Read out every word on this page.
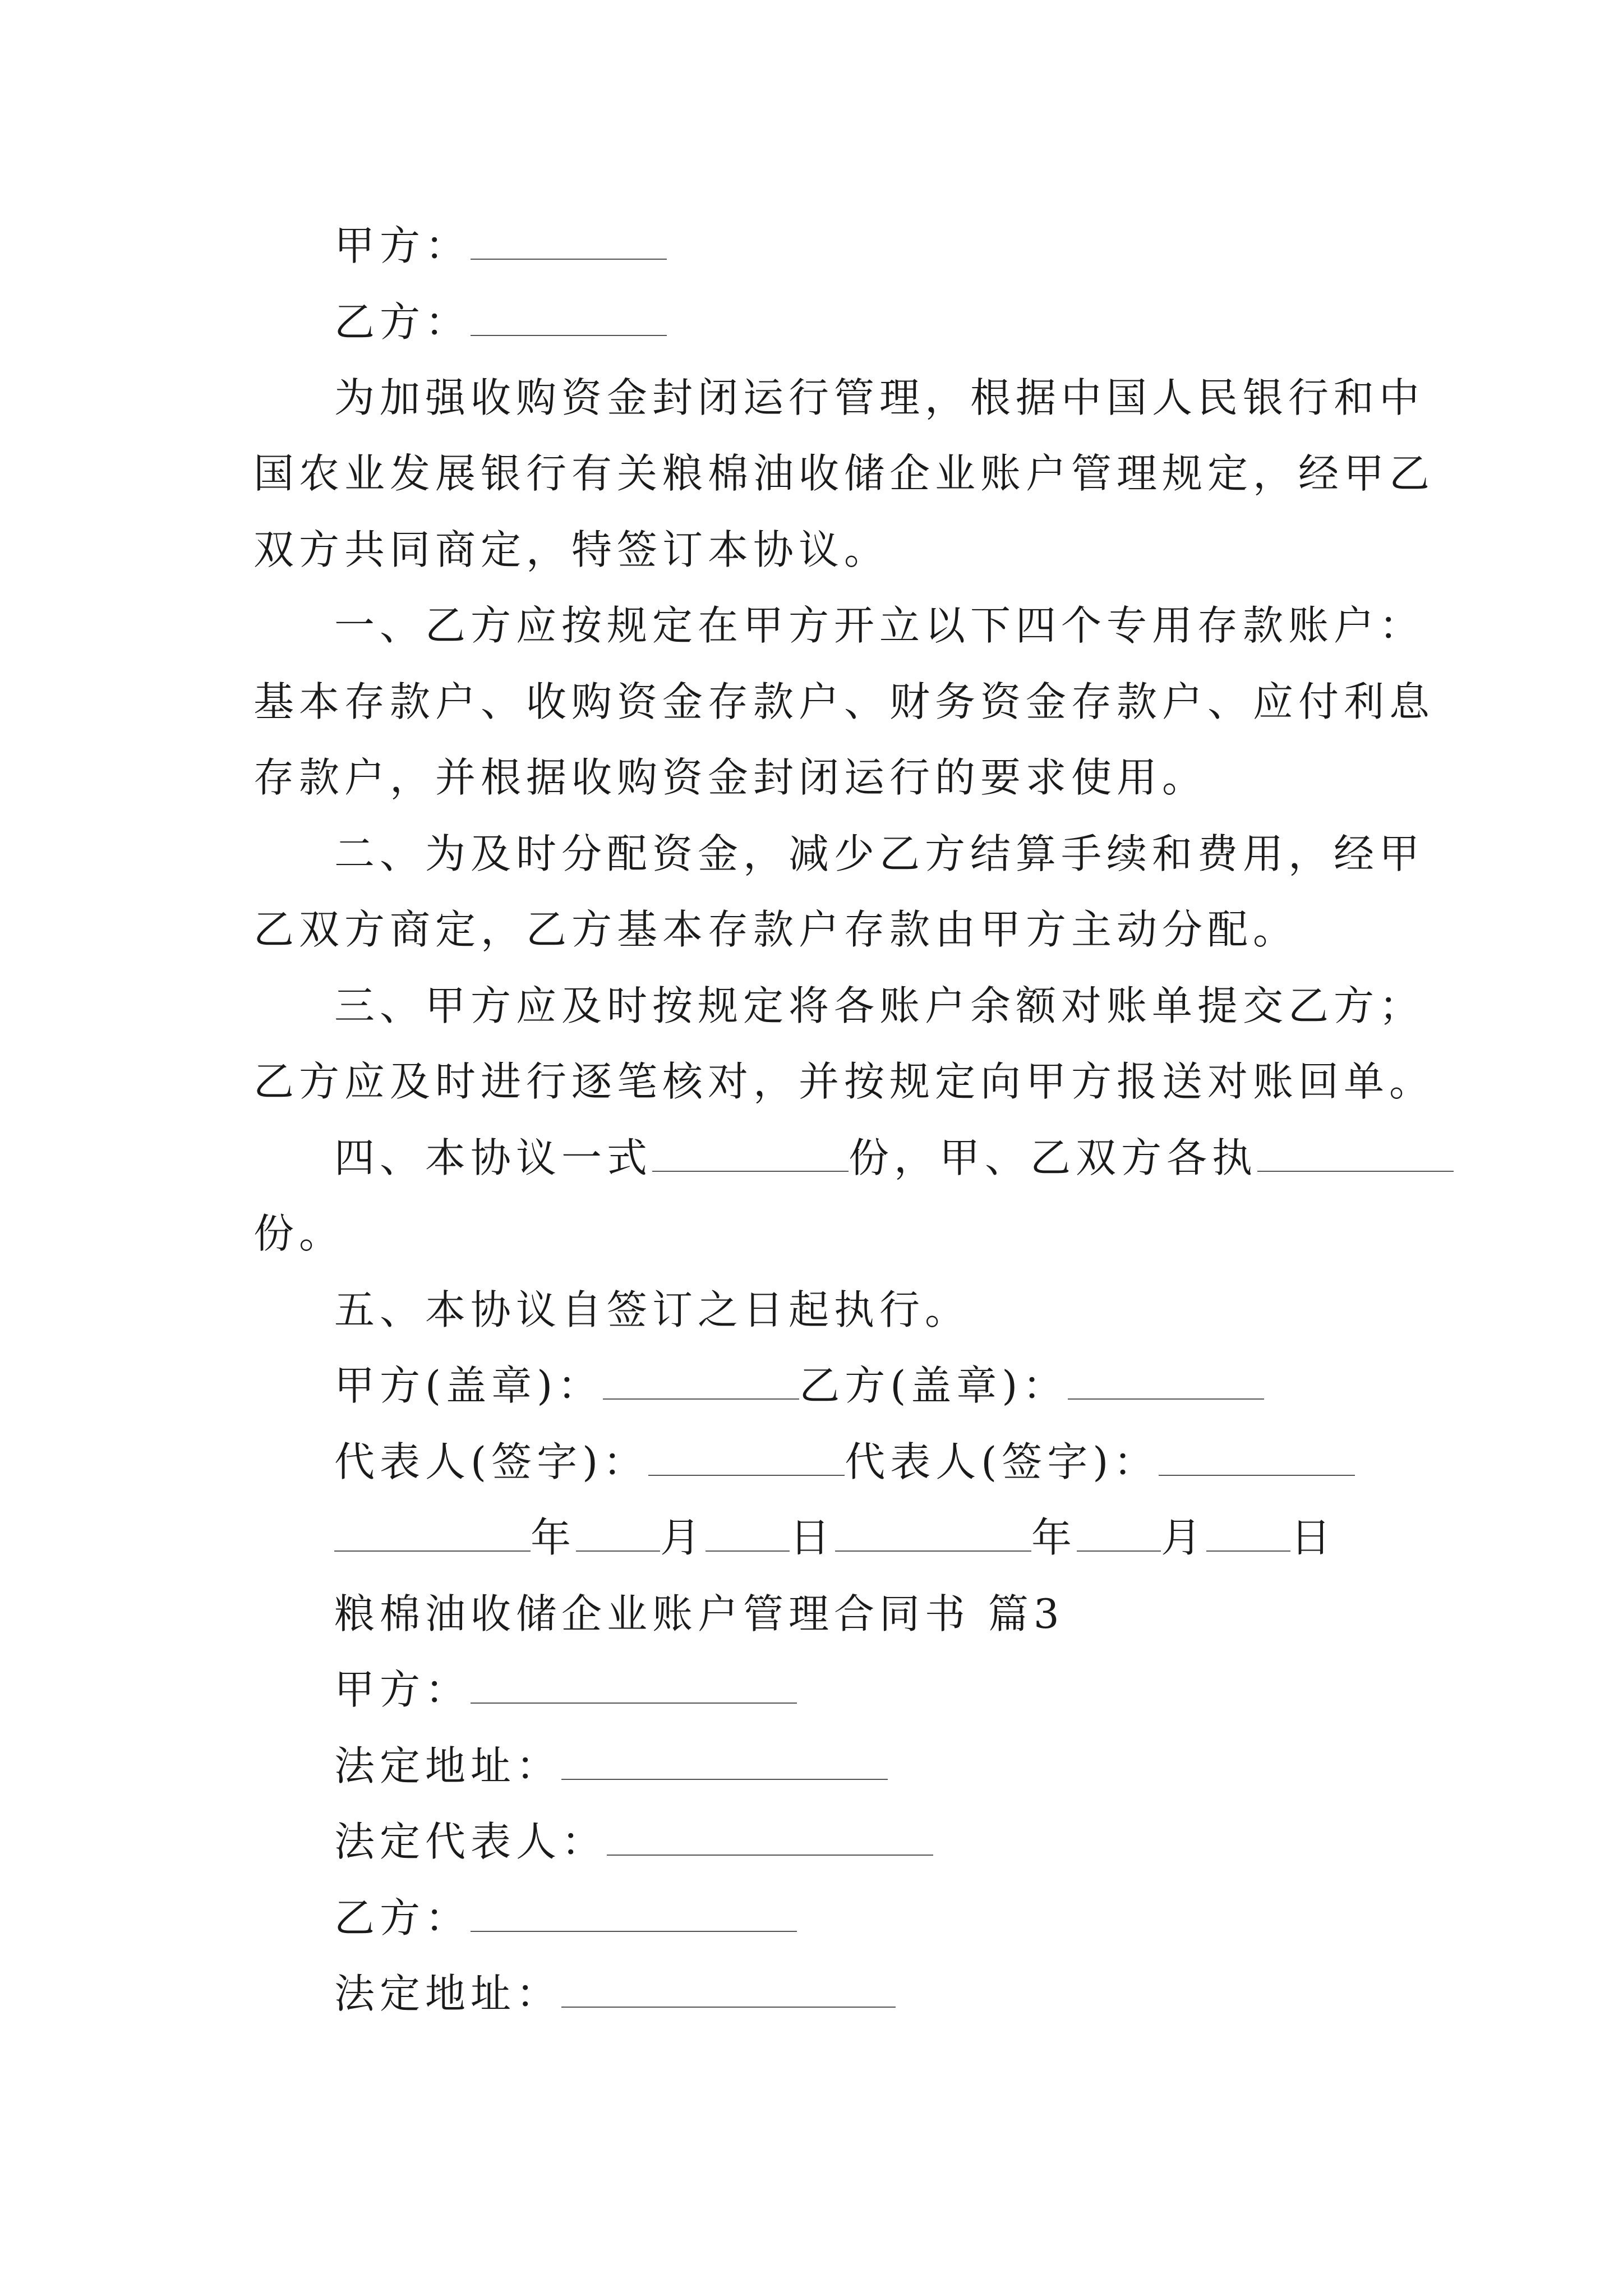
甲方：
乙方：
为加强收购资金封闭运行管理，根据中国人民银行和中
国农业发展银行有关粮棉油收储企业账户管理规定，经甲乙
双方共同商定，特签订本协议。
一、乙方应按规定在甲方开立以下四个专用存款账户：
基本存款户、收购资金存款户、财务资金存款户、应付利息
存款户，并根据收购资金封闭运行的要求使用。
二、为及时分配资金，减少乙方结算手续和费用，经甲
乙双方商定，乙方基本存款户存款由甲方主动分配。
三、甲方应及时按规定将各账户余额对账单提交乙方；
乙方应及时进行逐笔核对，并按规定向甲方报送对账回单。
四、本协议一式	份，甲、乙双方各执
份。
五、本协议自签订之日起执行。
甲方(盖章)：	乙方(盖章)：
代表人(签字)：	代表人(签字)：
年 月 日	年 月 日
粮棉油收储企业账户管理合同书 篇3
甲方：
法定地址：
法定代表人：
乙方：
法定地址：
